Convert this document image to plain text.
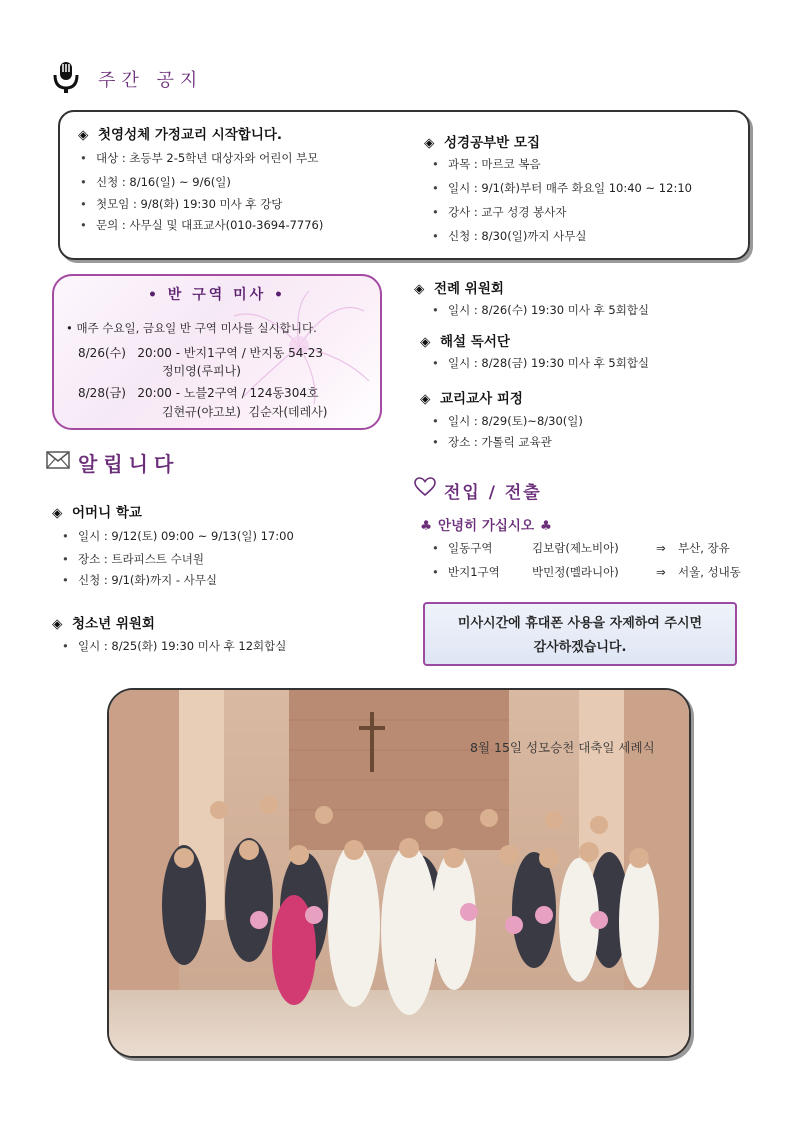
주간 공지
◈ 첫영성체 가정교리 시작합니다.
• 대상 : 초등부 2-5학년 대상자와 어린이 부모
• 신청 : 8/16(일) ~ 9/6(일)
• 첫모임 : 9/8(화) 19:30 미사 후 강당
• 문의 : 사무실 및 대표교사(010-3694-7776)
◈ 성경공부반 모집
• 과목 : 마르코 복음
• 일시 : 9/1(화)부터 매주 화요일 10:40 ~ 12:10
• 강사 : 교구 성경 봉사자
• 신청 : 8/30(일)까지 사무실
• 반 구역 미사 •
• 매주 수요일, 금요일 반 구역 미사를 실시합니다.
8/26(수)   20:00 - 반지1구역 / 반지동 54-23
정미영(루피나)
8/28(금)   20:00 - 노블2구역 / 124동304호
김현규(야고보)  김순자(데레사)
◈ 전례 위원회
• 일시 : 8/26(수) 19:30 미사 후 5회합실
◈ 해설 독서단
• 일시 : 8/28(금) 19:30 미사 후 5회합실
◈ 교리교사 피정
• 일시 : 8/29(토)~8/30(일)
• 장소 : 가톨릭 교육관
알립니다
◈ 어머니 학교
• 일시 : 9/12(토) 09:00 ~ 9/13(일) 17:00
• 장소 : 트라피스트 수녀원
• 신청 : 9/1(화)까지 - 사무실
◈ 청소년 위원회
• 일시 : 8/25(화) 19:30 미사 후 12회합실
전입 / 전출
♣ 안녕히 가십시오 ♣
• 일동구역	김보람(제노비아)	⇒ 부산, 장유
• 반지1구역	박민정(멜라니아)	⇒ 서울, 성내동
미사시간에 휴대폰 사용을 자제하여 주시면
감사하겠습니다.
8월 15일 성모승천 대축일 세례식
